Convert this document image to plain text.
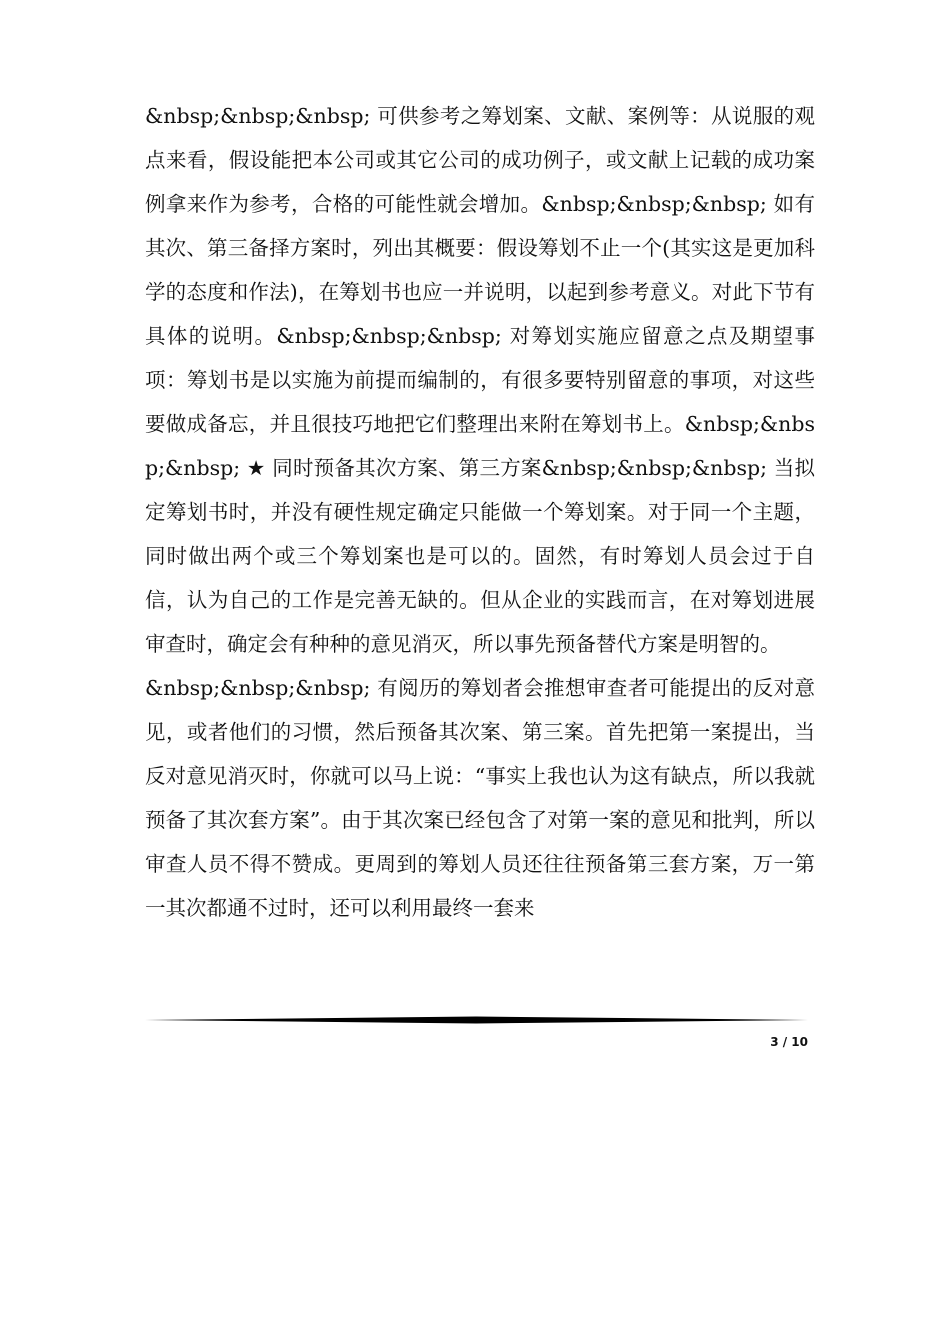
&nbsp;&nbsp;&nbsp; 可供参考之筹划案、文献、案例等：从说服的观点来看，假设能把本公司或其它公司的成功例子，或文献上记载的成功案例拿来作为参考，合格的可能性就会增加。&nbsp;&nbsp;&nbsp; 如有其次、第三备择方案时，列出其概要：假设筹划不止一个(其实这是更加科学的态度和作法)，在筹划书也应一并说明，以起到参考意义。对此下节有具体的说明。&nbsp;&nbsp;&nbsp; 对筹划实施应留意之点及期望事项：筹划书是以实施为前提而编制的，有很多要特别留意的事项，对这些要做成备忘，并且很技巧地把它们整理出来附在筹划书上。&nbsp;&nbsp;&nbsp; ★ 同时预备其次方案、第三方案&nbsp;&nbsp;&nbsp; 当拟定筹划书时，并没有硬性规定确定只能做一个筹划案。对于同一个主题，同时做出两个或三个筹划案也是可以的。固然，有时筹划人员会过于自信，认为自己的工作是完善无缺的。但从企业的实践而言，在对筹划进展审查时，确定会有种种的意见消灭，所以事先预备替代方案是明智的。

&nbsp;&nbsp;&nbsp; 有阅历的筹划者会推想审查者可能提出的反对意见，或者他们的习惯，然后预备其次案、第三案。首先把第一案提出，当反对意见消灭时，你就可以马上说：“事实上我也认为这有缺点，所以我就预备了其次套方案”。由于其次案已经包含了对第一案的意见和批判，所以审查人员不得不赞成。更周到的筹划人员还往往预备第三套方案，万一第一其次都通不过时，还可以利用最终一套来

3 / 10
